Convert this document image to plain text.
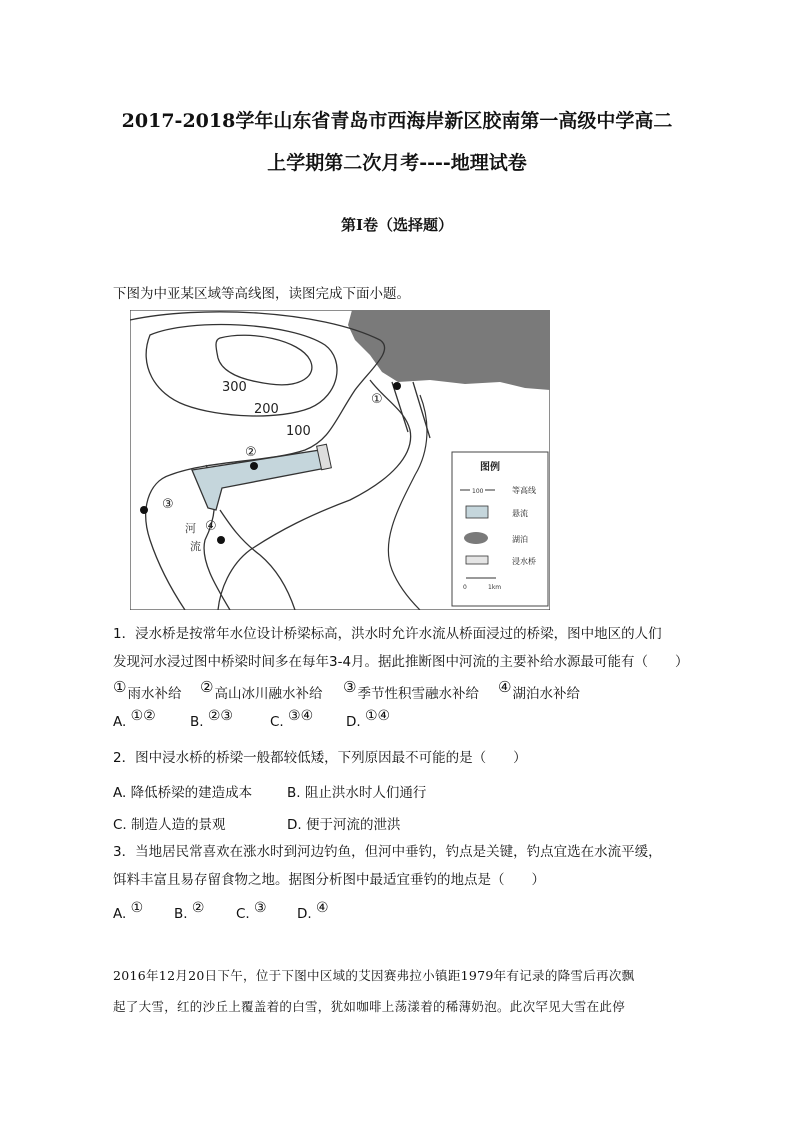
2017-2018学年山东省青岛市西海岸新区胶南第一高级中学高二
上学期第二次月考----地理试卷
第I卷（选择题）
下图为中亚某区域等高线图，读图完成下面小题。
300
200
100
①
②
③
④
河
流
图例
100	等高线
悬流
湖泊
浸水桥
0	1km
1．浸水桥是按常年水位设计桥梁标高，洪水时允许水流从桥面浸过的桥梁，图中地区的人们
发现河水浸过图中桥梁时间多在每年3-4月。据此推断图中河流的主要补给水源最可能有（　　）
①雨水补给 ②高山冰川融水补给 ③季节性积雪融水补给 ④湖泊水补给
A. ①②	B. ②③	C. ③④ D. ①④
2．图中浸水桥的桥梁一般都较低矮，下列原因最不可能的是（　　）
A. 降低桥梁的建造成本	B. 阻止洪水时人们通行
C. 制造人造的景观	D. 便于河流的泄洪
3．当地居民常喜欢在涨水时到河边钓鱼，但河中垂钓，钓点是关键，钓点宜选在水流平缓，
饵料丰富且易存留食物之地。据图分析图中最适宜垂钓的地点是（　　）
A. ① B. ② C. ③ D. ④
2016年12月20日下午，位于下图中区域的艾因赛弗拉小镇距1979年有记录的降雪后再次飘
起了大雪，红的沙丘上覆盖着的白雪，犹如咖啡上荡漾着的稀薄奶泡。此次罕见大雪在此停
